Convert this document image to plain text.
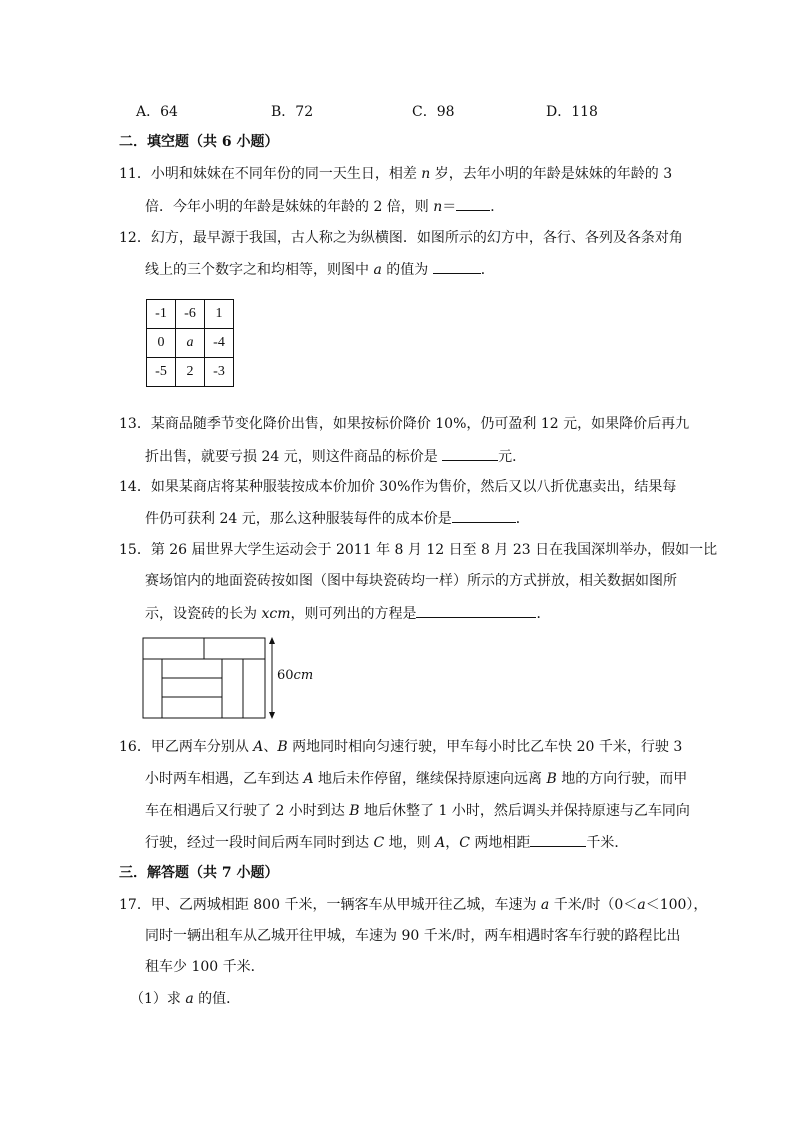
A．64	B．72	C．98	D．118
二．填空题（共 6 小题）
11．小明和妹妹在不同年份的同一天生日，相差 n 岁，去年小明的年龄是妹妹的年龄的 3
倍．今年小明的年龄是妹妹的年龄的 2 倍，则 n＝ ．
12．幻方，最早源于我国，古人称之为纵横图．如图所示的幻方中，各行、各列及各条对角
线上的三个数字之和均相等，则图中 a 的值为	．
-1	-6	1
0	a	-4
-5	2	-3
13．某商品随季节变化降价出售，如果按标价降价 10%，仍可盈利 12 元，如果降价后再九
折出售，就要亏损 24 元，则这件商品的标价是	元．
14．如果某商店将某种服装按成本价加价 30%作为售价，然后又以八折优惠卖出，结果每
件仍可获利 24 元，那么这种服装每件的成本价是	．
15．第 26 届世界大学生运动会于 2011 年 8 月 12 日至 8 月 23 日在我国深圳举办，假如一比
赛场馆内的地面瓷砖按如图（图中每块瓷砖均一样）所示的方式拼放，相关数据如图所
示，设瓷砖的长为 xcm，则可列出的方程是	．
60cm
16．甲乙两车分别从 A、B 两地同时相向匀速行驶，甲车每小时比乙车快 20 千米，行驶 3
小时两车相遇，乙车到达 A 地后未作停留，继续保持原速向远离 B 地的方向行驶，而甲
车在相遇后又行驶了 2 小时到达 B 地后休整了 1 小时，然后调头并保持原速与乙车同向
行驶，经过一段时间后两车同时到达 C 地，则 A，C 两地相距	千米．
三．解答题（共 7 小题）
17．甲、乙两城相距 800 千米，一辆客车从甲城开往乙城，车速为 a 千米/时（0＜a＜100），
同时一辆出租车从乙城开往甲城，车速为 90 千米/时，两车相遇时客车行驶的路程比出
租车少 100 千米．
（1）求 a 的值．
